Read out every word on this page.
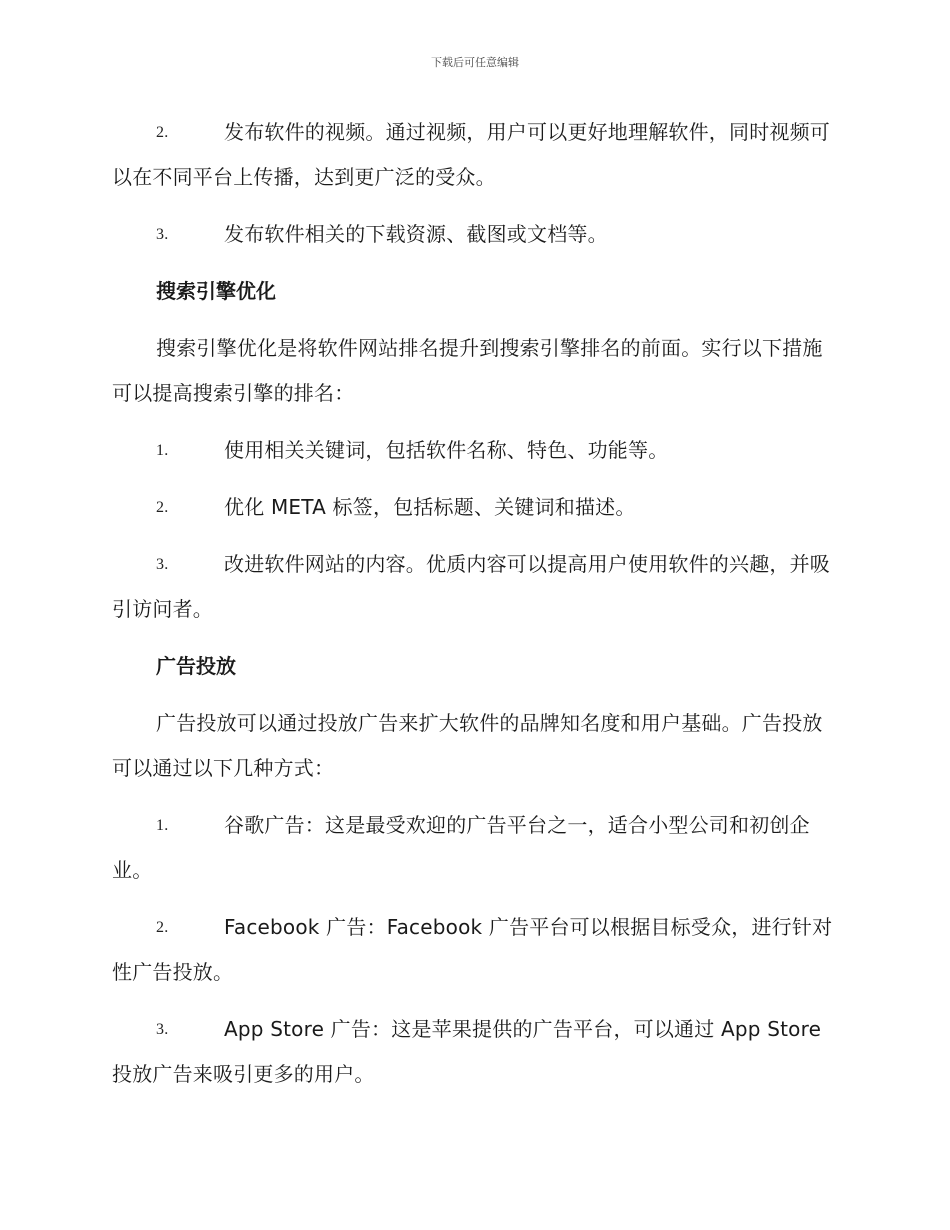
下载后可任意编辑

2.	发布软件的视频。通过视频，用户可以更好地理解软件，同时视频可以在不同平台上传播，达到更广泛的受众。

3.	发布软件相关的下载资源、截图或文档等。

搜索引擎优化

搜索引擎优化是将软件网站排名提升到搜索引擎排名的前面。实行以下措施可以提高搜索引擎的排名：

1.	使用相关关键词，包括软件名称、特色、功能等。

2.	优化 META 标签，包括标题、关键词和描述。

3.	改进软件网站的内容。优质内容可以提高用户使用软件的兴趣，并吸引访问者。

广告投放

广告投放可以通过投放广告来扩大软件的品牌知名度和用户基础。广告投放可以通过以下几种方式：

1.	谷歌广告：这是最受欢迎的广告平台之一，适合小型公司和初创企业。

2.	Facebook 广告：Facebook 广告平台可以根据目标受众，进行针对性广告投放。

3.	App Store 广告：这是苹果提供的广告平台，可以通过 App Store 投放广告来吸引更多的用户。
